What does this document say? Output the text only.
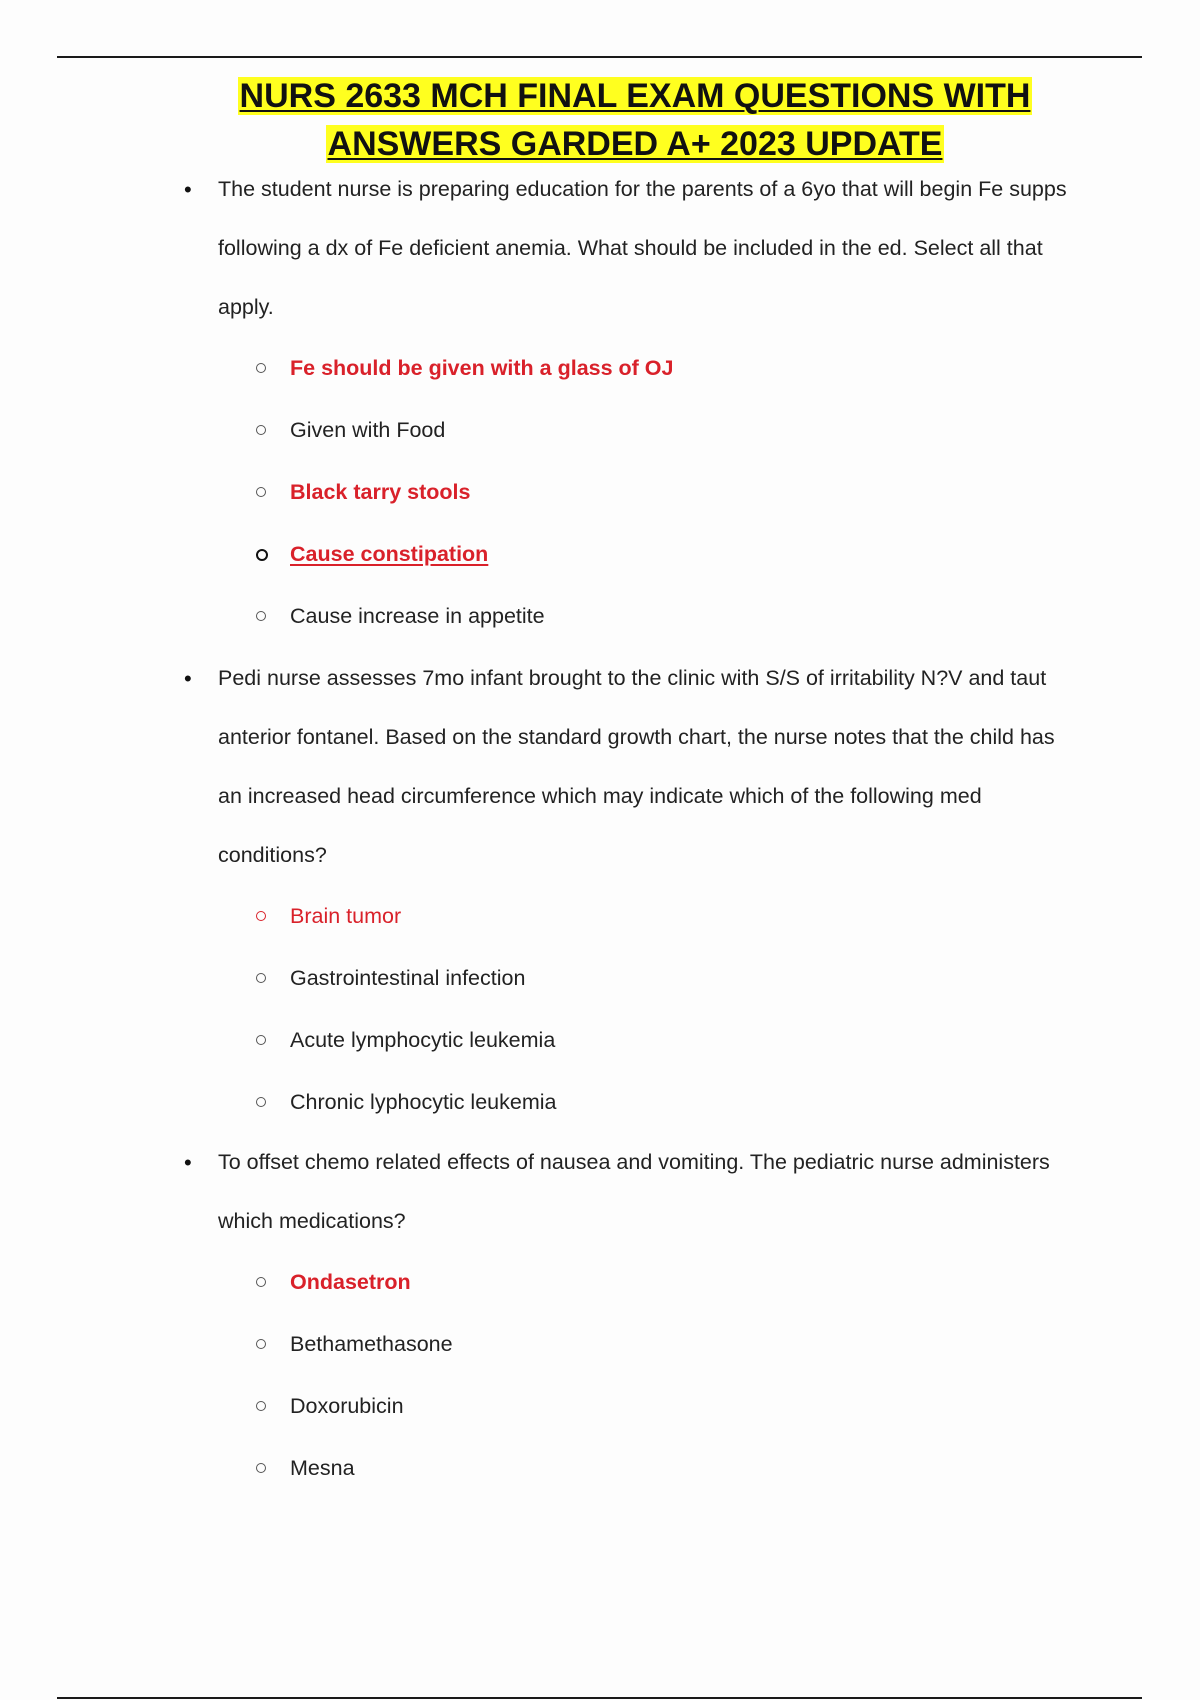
NURS 2633 MCH FINAL EXAM QUESTIONS WITH
ANSWERS GARDED A+ 2023 UPDATE
• The student nurse is preparing education for the parents of a 6yo that will begin Fe supps following a dx of Fe deficient anemia. What should be included in the ed. Select all that apply.
Fe should be given with a glass of OJ
Given with Food
Black tarry stools
Cause constipation
Cause increase in appetite
• Pedi nurse assesses 7mo infant brought to the clinic with S/S of irritability N?V and taut anterior fontanel. Based on the standard growth chart, the nurse notes that the child has an increased head circumference which may indicate which of the following med conditions?
Brain tumor
Gastrointestinal infection
Acute lymphocytic leukemia
Chronic lyphocytic leukemia
• To offset chemo related effects of nausea and vomiting. The pediatric nurse administers which medications?
Ondasetron
Bethamethasone
Doxorubicin
Mesna
